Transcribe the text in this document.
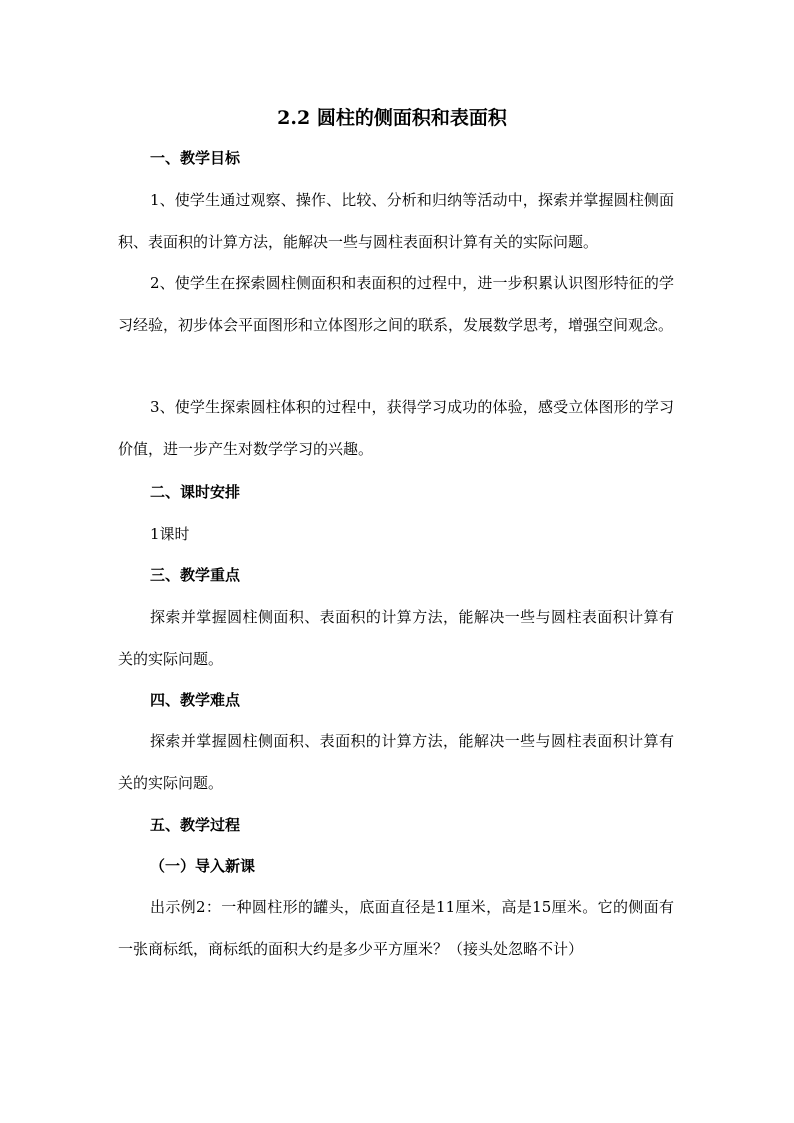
2.2 圆柱的侧面积和表面积
一、教学目标
1、使学生通过观察、操作、比较、分析和归纳等活动中，探索并掌握圆柱侧面积、表面积的计算方法，能解决一些与圆柱表面积计算有关的实际问题。
2、使学生在探索圆柱侧面积和表面积的过程中，进一步积累认识图形特征的学习经验，初步体会平面图形和立体图形之间的联系，发展数学思考，增强空间观念。
3、使学生探索圆柱体积的过程中，获得学习成功的体验，感受立体图形的学习价值，进一步产生对数学学习的兴趣。
二、课时安排
1课时
三、教学重点
探索并掌握圆柱侧面积、表面积的计算方法，能解决一些与圆柱表面积计算有关的实际问题。
四、教学难点
探索并掌握圆柱侧面积、表面积的计算方法，能解决一些与圆柱表面积计算有关的实际问题。
五、教学过程
（一）导入新课
出示例2：一种圆柱形的罐头，底面直径是11厘米，高是15厘米。它的侧面有一张商标纸，商标纸的面积大约是多少平方厘米？（接头处忽略不计）
